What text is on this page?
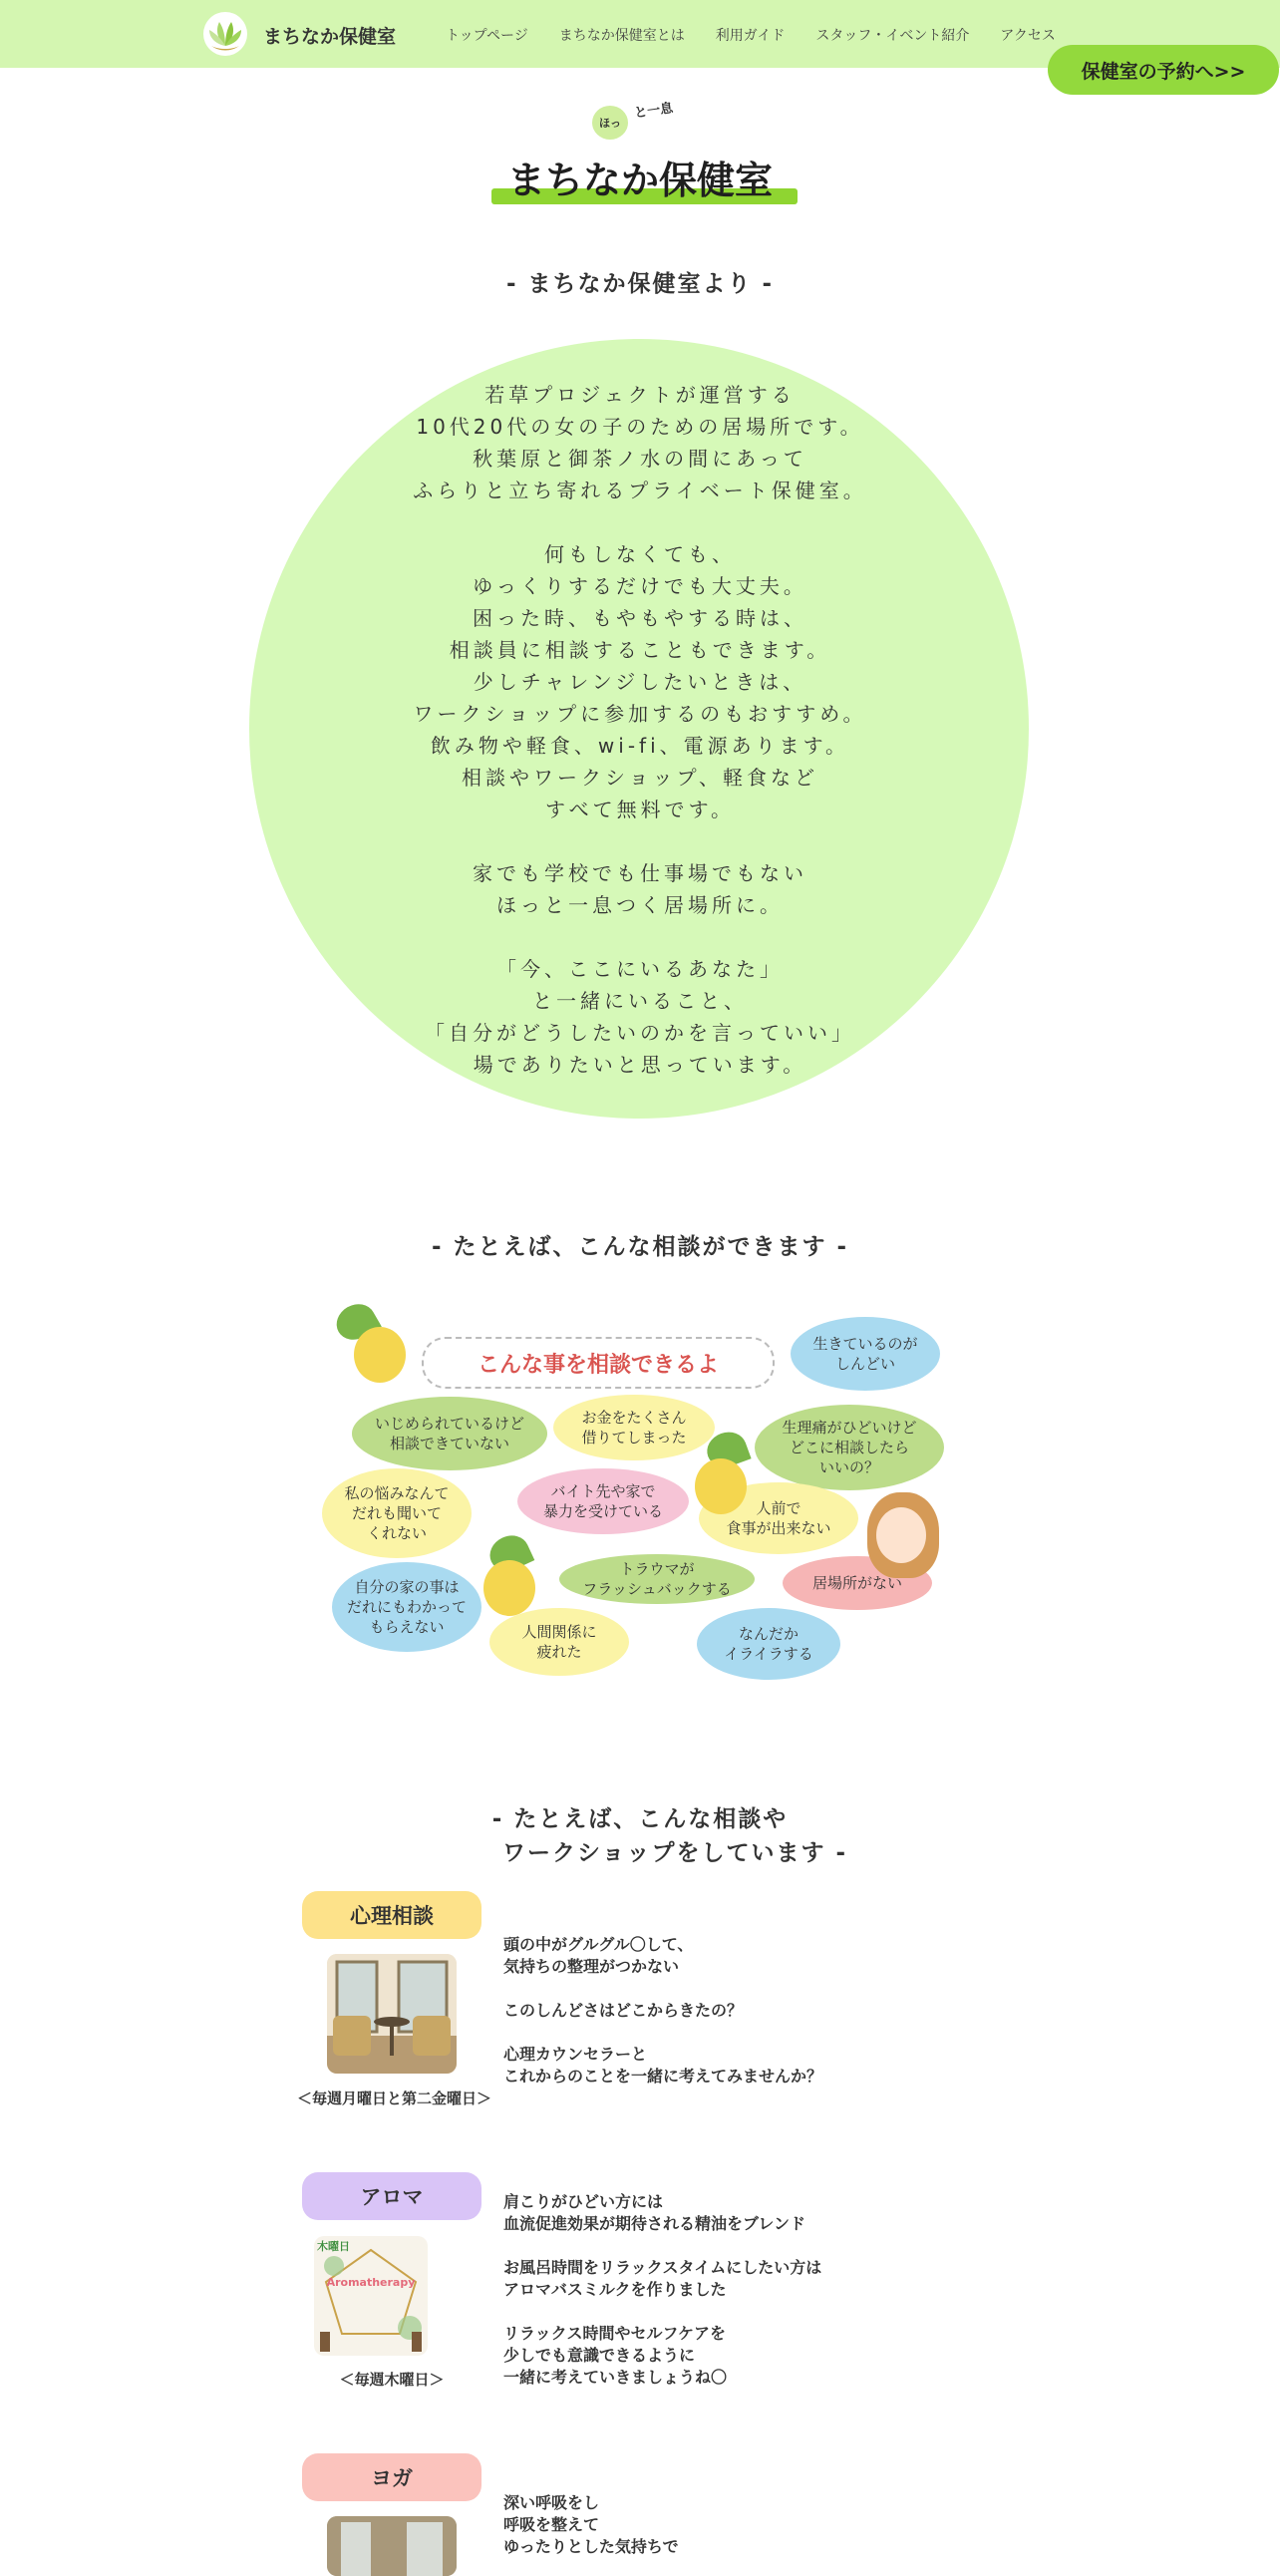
まちなか保健室	トップページ まちなか保健室とは 利用ガイド スタッフ・イベント紹介 アクセス
保健室の予約へ>>
ほっ
と一息
まちなか保健室
- まちなか保健室より -

若草プロジェクトが運営する
10代20代の女の子のための居場所です。
秋葉原と御茶ノ水の間にあって
ふらりと立ち寄れるプライベート保健室。

何もしなくても、
ゆっくりするだけでも大丈夫。
困った時、もやもやする時は、
相談員に相談することもできます。
少しチャレンジしたいときは、
ワークショップに参加するのもおすすめ。
飲み物や軽食、wi-fi、電源あります。
相談やワークショップ、軽食など
すべて無料です。

家でも学校でも仕事場でもない
ほっと一息つく居場所に。

「今、ここにいるあなた」
と一緒にいること、
「自分がどうしたいのかを言っていい」
場でありたいと思っています。

- たとえば、こんな相談ができます -
こんな事を相談できるよ
生きているのが
しんどい
いじめられているけど
相談できていない
お金をたくさん
借りてしまった
生理痛がひどいけど
どこに相談したら
いいの？
私の悩みなんて
だれも聞いて
くれない
バイト先や家で
暴力を受けている	人前で
食事が出来ない
自分の家の事は
だれにもわかって
もらえない
トラウマが
フラッシュバックする	居場所がない
人間関係に
疲れた
なんだか
イライラする
- たとえば、こんな相談や
ワークショップをしています -
心理相談
＜毎週月曜日と第二金曜日＞
頭の中がグルグル〇して、
気持ちの整理がつかない
このしんどさはどこからきたの？
心理カウンセラーと
これからのことを一緒に考えてみませんか？
アロマ
木曜日
Aromatherapy
＜毎週木曜日＞
肩こりがひどい方には
血流促進効果が期待される精油をブレンド
お風呂時間をリラックスタイムにしたい方は
アロマバスミルクを作りました
リラックス時間やセルフケアを
少しでも意識できるように
一緒に考えていきましょうね〇
ヨガ
深い呼吸をし
呼吸を整えて
ゆったりとした気持ちで
